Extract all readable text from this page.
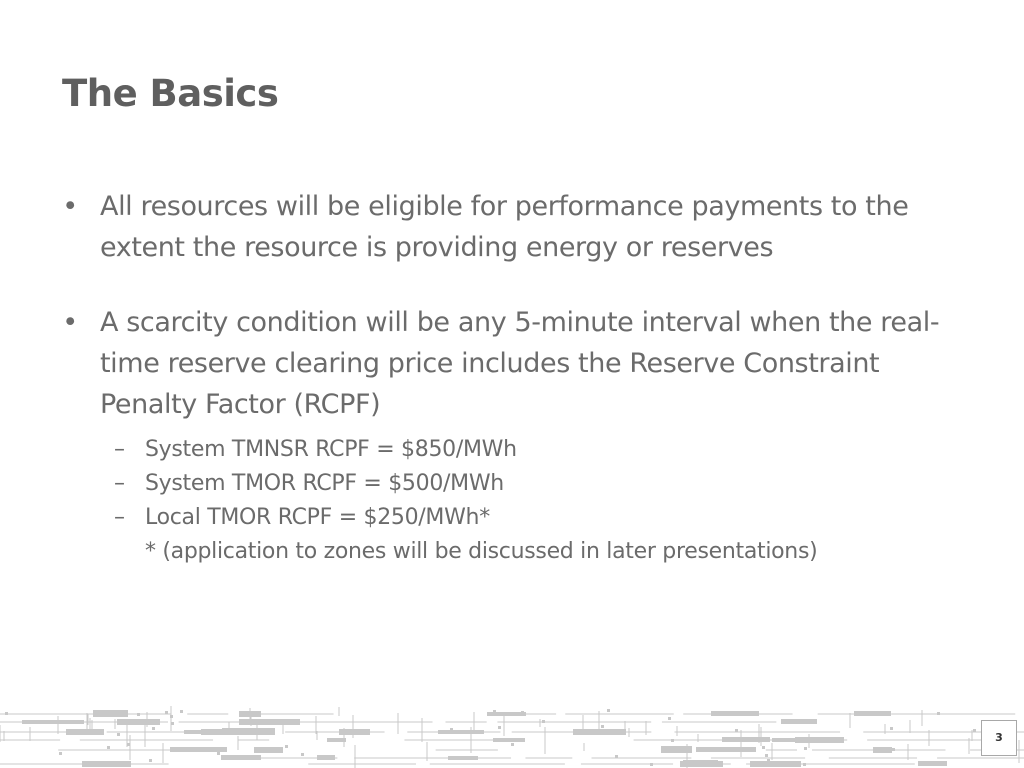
The Basics
• All resources will be eligible for performance payments to the extent the resource is providing energy or reserves
• A scarcity condition will be any 5-minute interval when the real-time reserve clearing price includes the Reserve Constraint Penalty Factor (RCPF)
– System TMNSR RCPF = $850/MWh
– System TMOR RCPF = $500/MWh
– Local TMOR RCPF = $250/MWh*
* (application to zones will be discussed in later presentations)
3
